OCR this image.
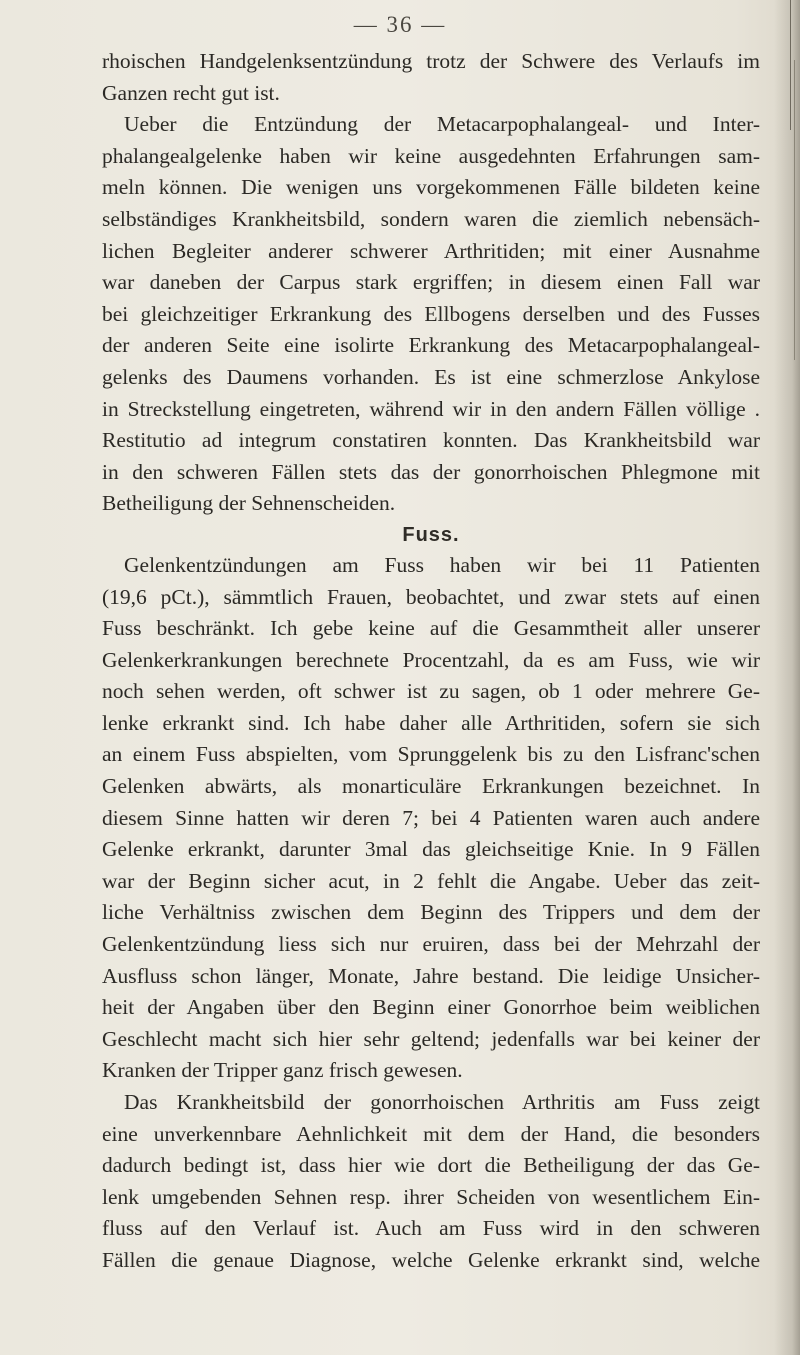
— 36 —

rhoischen Handgelenksentzündung trotz der Schwere des Verlaufs im

Ganzen recht gut ist.

Ueber die Entzündung der Metacarpophalangeal- und Inter-

phalangealgelenke haben wir keine ausgedehnten Erfahrungen sam-

meln können. Die wenigen uns vorgekommenen Fälle bildeten keine

selbständiges Krankheitsbild, sondern waren die ziemlich nebensäch-

lichen Begleiter anderer schwerer Arthritiden; mit einer Ausnahme

war daneben der Carpus stark ergriffen; in diesem einen Fall war

bei gleichzeitiger Erkrankung des Ellbogens derselben und des Fusses

der anderen Seite eine isolirte Erkrankung des Metacarpophalangeal-

gelenks des Daumens vorhanden. Es ist eine schmerzlose Ankylose

in Streckstellung eingetreten, während wir in den andern Fällen völlige .

Restitutio ad integrum constatiren konnten. Das Krankheitsbild war

in den schweren Fällen stets das der gonorrhoischen Phlegmone mit

Betheiligung der Sehnenscheiden.

Fuss.

Gelenkentzündungen am Fuss haben wir bei 11 Patienten

(19,6 pCt.), sämmtlich Frauen, beobachtet, und zwar stets auf einen

Fuss beschränkt. Ich gebe keine auf die Gesammtheit aller unserer

Gelenkerkrankungen berechnete Procentzahl, da es am Fuss, wie wir

noch sehen werden, oft schwer ist zu sagen, ob 1 oder mehrere Ge-

lenke erkrankt sind. Ich habe daher alle Arthritiden, sofern sie sich

an einem Fuss abspielten, vom Sprunggelenk bis zu den Lisfranc'schen

Gelenken abwärts, als monarticuläre Erkrankungen bezeichnet. In

diesem Sinne hatten wir deren 7; bei 4 Patienten waren auch andere

Gelenke erkrankt, darunter 3mal das gleichseitige Knie. In 9 Fällen

war der Beginn sicher acut, in 2 fehlt die Angabe. Ueber das zeit-

liche Verhältniss zwischen dem Beginn des Trippers und dem der

Gelenkentzündung liess sich nur eruiren, dass bei der Mehrzahl der

Ausfluss schon länger, Monate, Jahre bestand. Die leidige Unsicher-

heit der Angaben über den Beginn einer Gonorrhoe beim weiblichen

Geschlecht macht sich hier sehr geltend; jedenfalls war bei keiner der

Kranken der Tripper ganz frisch gewesen.

Das Krankheitsbild der gonorrhoischen Arthritis am Fuss zeigt

eine unverkennbare Aehnlichkeit mit dem der Hand, die besonders

dadurch bedingt ist, dass hier wie dort die Betheiligung der das Ge-

lenk umgebenden Sehnen resp. ihrer Scheiden von wesentlichem Ein-

fluss auf den Verlauf ist. Auch am Fuss wird in den schweren

Fällen die genaue Diagnose, welche Gelenke erkrankt sind, welche
